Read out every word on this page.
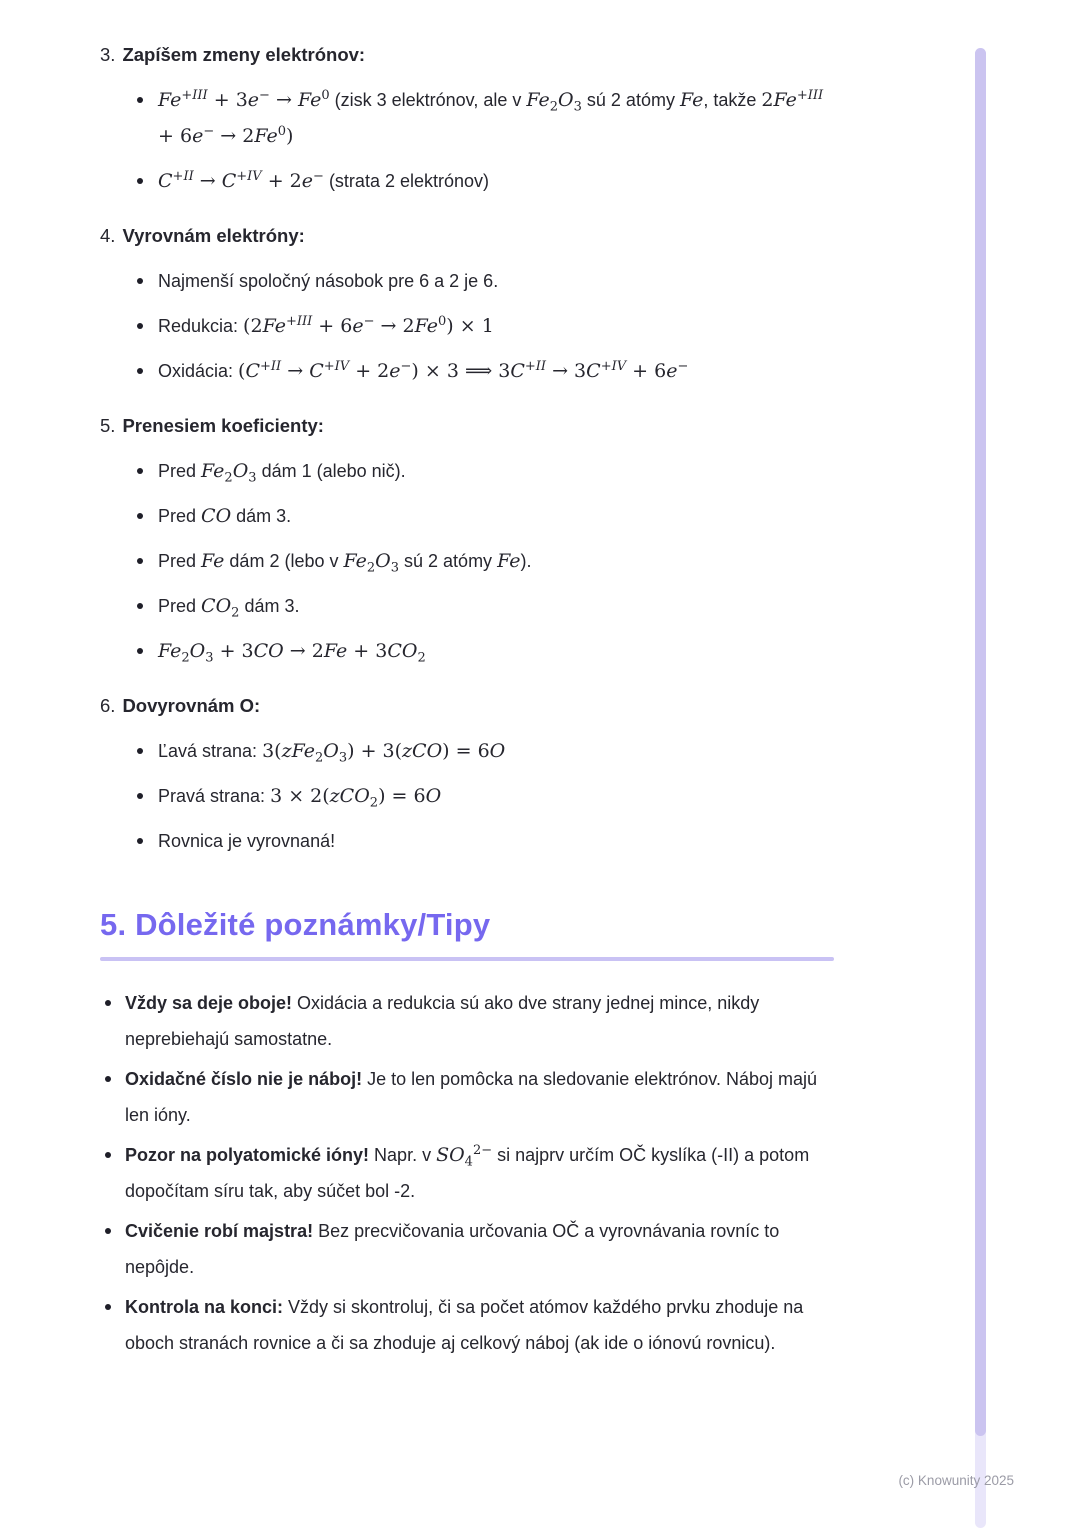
3. Zapíšem zmeny elektrónov:
$Fe^{+III} + 3e^- \to Fe^0$ (zisk 3 elektrónov, ale v $Fe_2O_3$ sú 2 atómy Fe, takže $2Fe^{+III} + 6e^- \to 2Fe^0$)
$C^{+II} \to C^{+IV} + 2e^-$ (strata 2 elektrónov)
4. Vyrovnám elektróny:
Najmenší spoločný násobok pre 6 a 2 je 6.
Redukcia: $(2Fe^{+III} + 6e^- \to 2Fe^0) \times 1$
Oxidácia: $(C^{+II} \to C^{+IV} + 2e^-) \times 3$ ⟹ $3C^{+II} \to 3C^{+IV} + 6e^-$
5. Prenesiem koeficienty:
Pred $Fe_2O_3$ dám 1 (alebo nič).
Pred CO dám 3.
Pred Fe dám 2 (lebo v $Fe_2O_3$ sú 2 atómy Fe).
Pred $CO_2$ dám 3.
$Fe_2O_3 + 3CO \to 2Fe + 3CO_2$
6. Dovyrovnám O:
Ľavá strana: $3(zFe_2O_3) + 3(zCO) = 6O$
Pravá strana: 3 × 2(zCO$_2$) = 6O
Rovnica je vyrovnaná!
5. Dôležité poznámky/Tipy
Vždy sa deje oboje! Oxidácia a redukcia sú ako dve strany jednej mince, nikdy neprebiehajú samostatne.
Oxidačné číslo nie je náboj! Je to len pomôcka na sledovanie elektrónov. Náboj majú len ióny.
Pozor na polyatomické ióny! Napr. v $SO_4^{2-}$ si najprv určím OČ kyslíka (-II) a potom dopočítam síru tak, aby súčet bol -2.
Cvičenie robí majstra! Bez precvičovania určovania OČ a vyrovnávania rovníc to nepôjde.
Kontrola na konci: Vždy si skontroluj, či sa počet atómov každého prvku zhoduje na oboch stranách rovnice a či sa zhoduje aj celkový náboj (ak ide o iónovú rovnicu).
(c) Knowunity 2025
